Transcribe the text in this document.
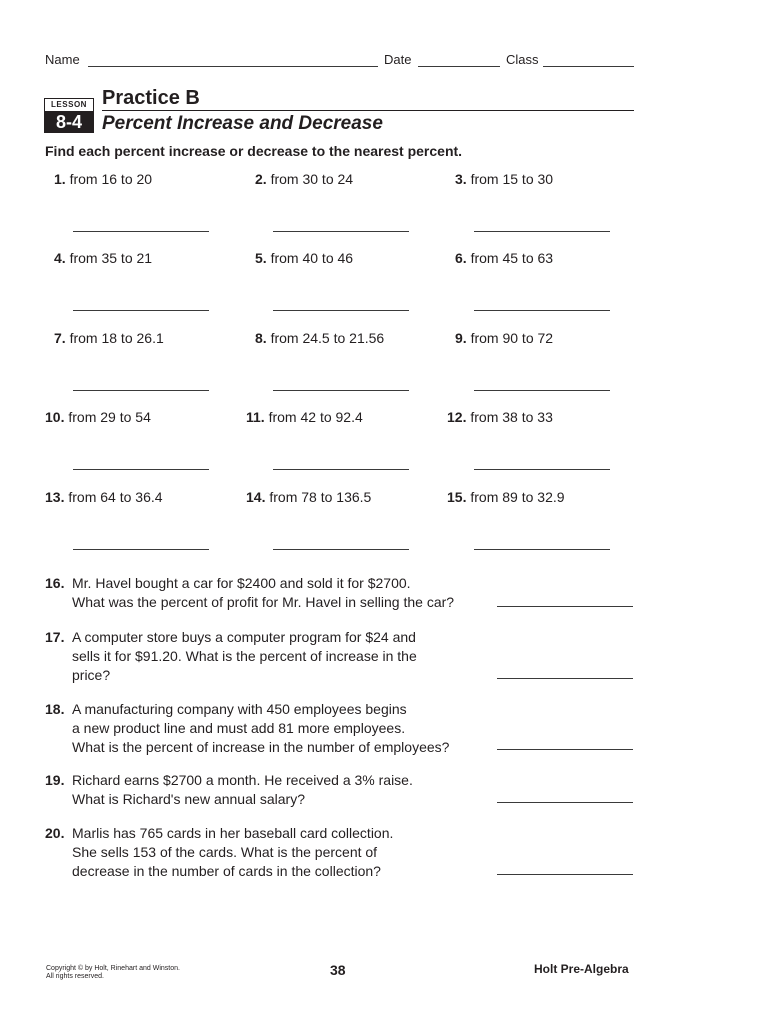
Name	Date	Class
LESSON
8-4
Practice B
Percent Increase and Decrease
Find each percent increase or decrease to the nearest percent.
1. from 16 to 20	2. from 30 to 24	3. from 15 to 30
4. from 35 to 21	5. from 40 to 46	6. from 45 to 63
7. from 18 to 26.1	8. from 24.5 to 21.56	9. from 90 to 72
10. from 29 to 54	11. from 42 to 92.4	12. from 38 to 33
13. from 64 to 36.4	14. from 78 to 136.5	15. from 89 to 32.9
16. Mr. Havel bought a car for $2400 and sold it for $2700.
What was the percent of profit for Mr. Havel in selling the car?
17. A computer store buys a computer program for $24 and
sells it for $91.20. What is the percent of increase in the
price?
18. A manufacturing company with 450 employees begins
a new product line and must add 81 more employees.
What is the percent of increase in the number of employees?
19. Richard earns $2700 a month. He received a 3% raise.
What is Richard's new annual salary?
20. Marlis has 765 cards in her baseball card collection.
She sells 153 of the cards. What is the percent of
decrease in the number of cards in the collection?
Copyright © by Holt, Rinehart and Winston.
All rights reserved.	38	Holt Pre-Algebra
